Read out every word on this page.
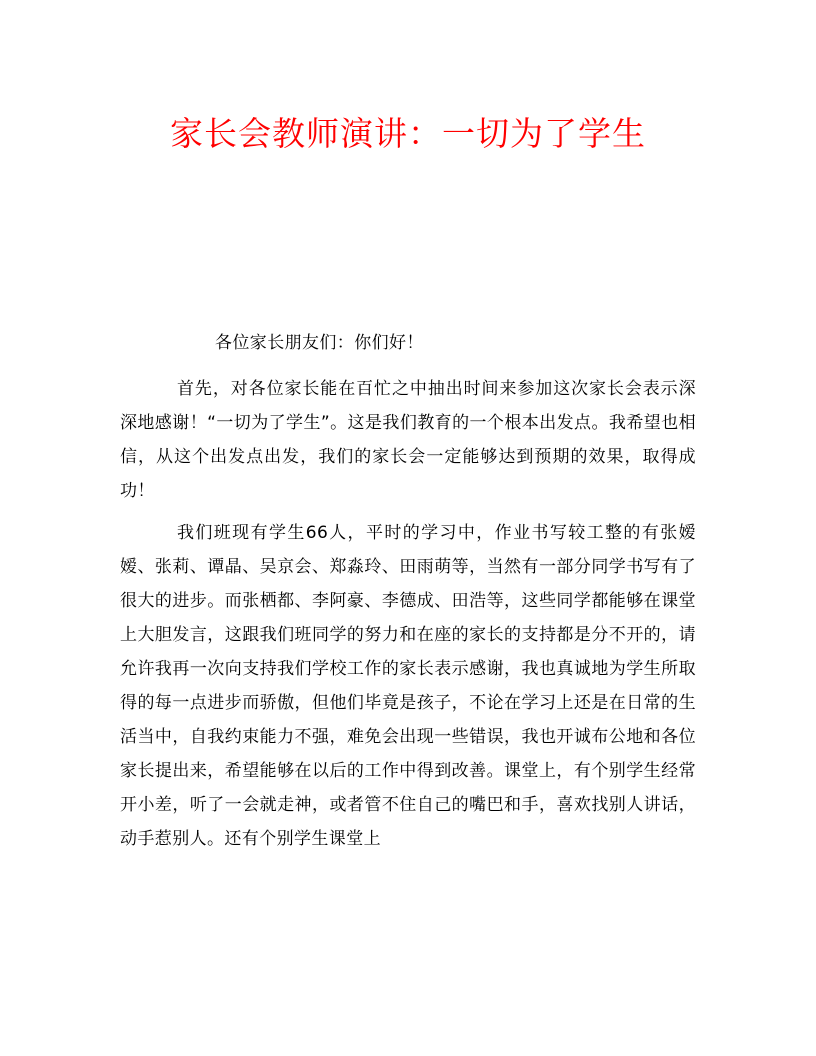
家长会教师演讲：一切为了学生

各位家长朋友们：你们好！

首先，对各位家长能在百忙之中抽出时间来参加这次家长会表示深深地感谢！“一切为了学生”。这是我们教育的一个根本出发点。我希望也相信，从这个出发点出发，我们的家长会一定能够达到预期的效果，取得成功！

我们班现有学生66人，平时的学习中，作业书写较工整的有张嫒嫒、张莉、谭晶、吴京会、郑淼玲、田雨萌等，当然有一部分同学书写有了很大的进步。而张栖都、李阿豪、李德成、田浩等，这些同学都能够在课堂上大胆发言，这跟我们班同学的努力和在座的家长的支持都是分不开的，请允许我再一次向支持我们学校工作的家长表示感谢，我也真诚地为学生所取得的每一点进步而骄傲，但他们毕竟是孩子，不论在学习上还是在日常的生活当中，自我约束能力不强，难免会出现一些错误，我也开诚布公地和各位家长提出来，希望能够在以后的工作中得到改善。课堂上，有个别学生经常开小差，听了一会就走神，或者管不住自己的嘴巴和手，喜欢找别人讲话，动手惹别人。还有个别学生课堂上
